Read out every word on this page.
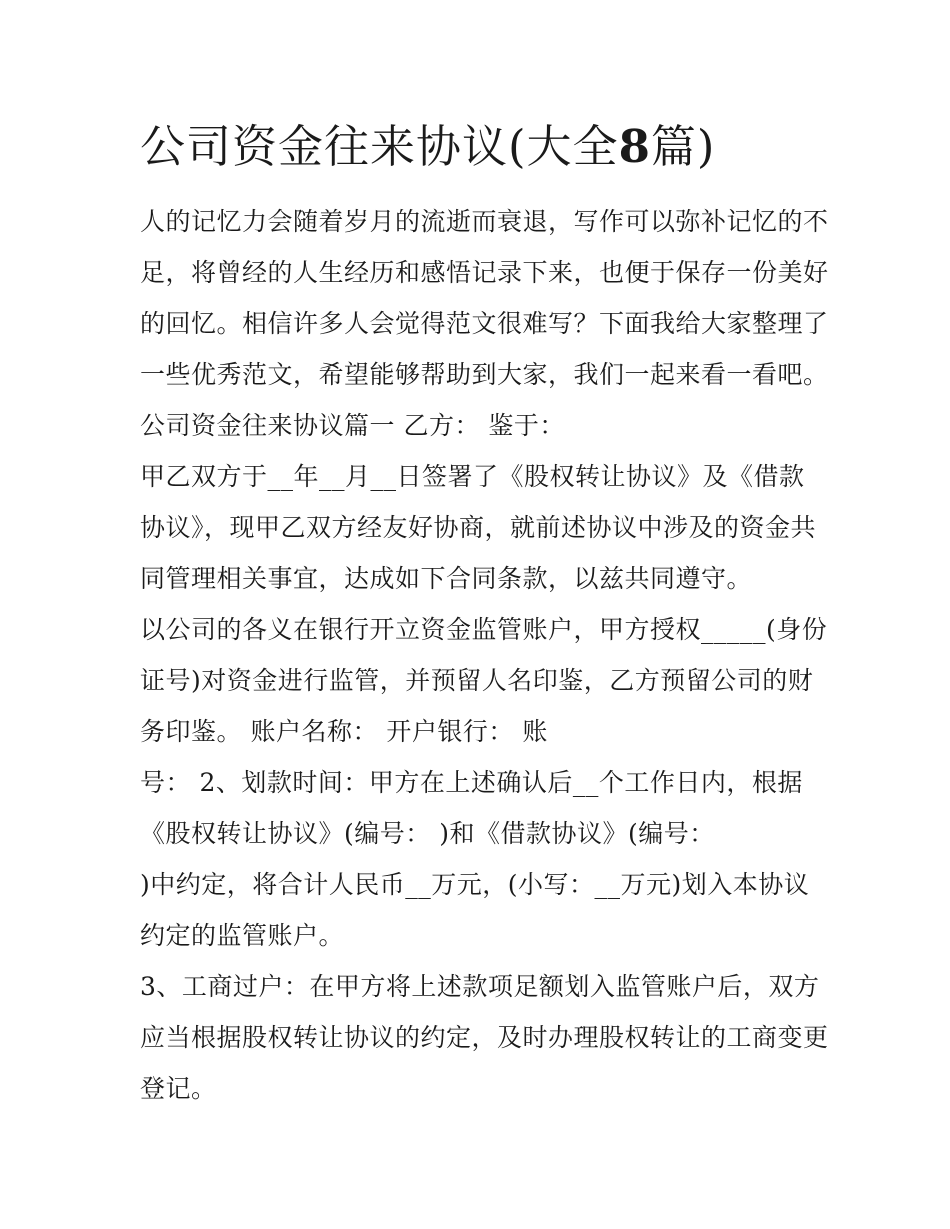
公司资金往来协议(大全8篇)
人的记忆力会随着岁月的流逝而衰退，写作可以弥补记忆的不
足，将曾经的人生经历和感悟记录下来，也便于保存一份美好
的回忆。相信许多人会觉得范文很难写？下面我给大家整理了
一些优秀范文，希望能够帮助到大家，我们一起来看一看吧。
公司资金往来协议篇一 乙方： 鉴于：
甲乙双方于__年__月__日签署了《股权转让协议》及《借款
协议》，现甲乙双方经友好协商，就前述协议中涉及的资金共
同管理相关事宜，达成如下合同条款，以兹共同遵守。
以公司的各义在银行开立资金监管账户，甲方授权_____(身份
证号)对资金进行监管，并预留人名印鉴，乙方预留公司的财
务印鉴。 账户名称： 开户银行： 账
号： 2、划款时间：甲方在上述确认后__个工作日内，根据
《股权转让协议》(编号： )和《借款协议》(编号：
)中约定，将合计人民币__万元，(小写：__万元)划入本协议
约定的监管账户。
3、工商过户：在甲方将上述款项足额划入监管账户后，双方
应当根据股权转让协议的约定，及时办理股权转让的工商变更
登记。
